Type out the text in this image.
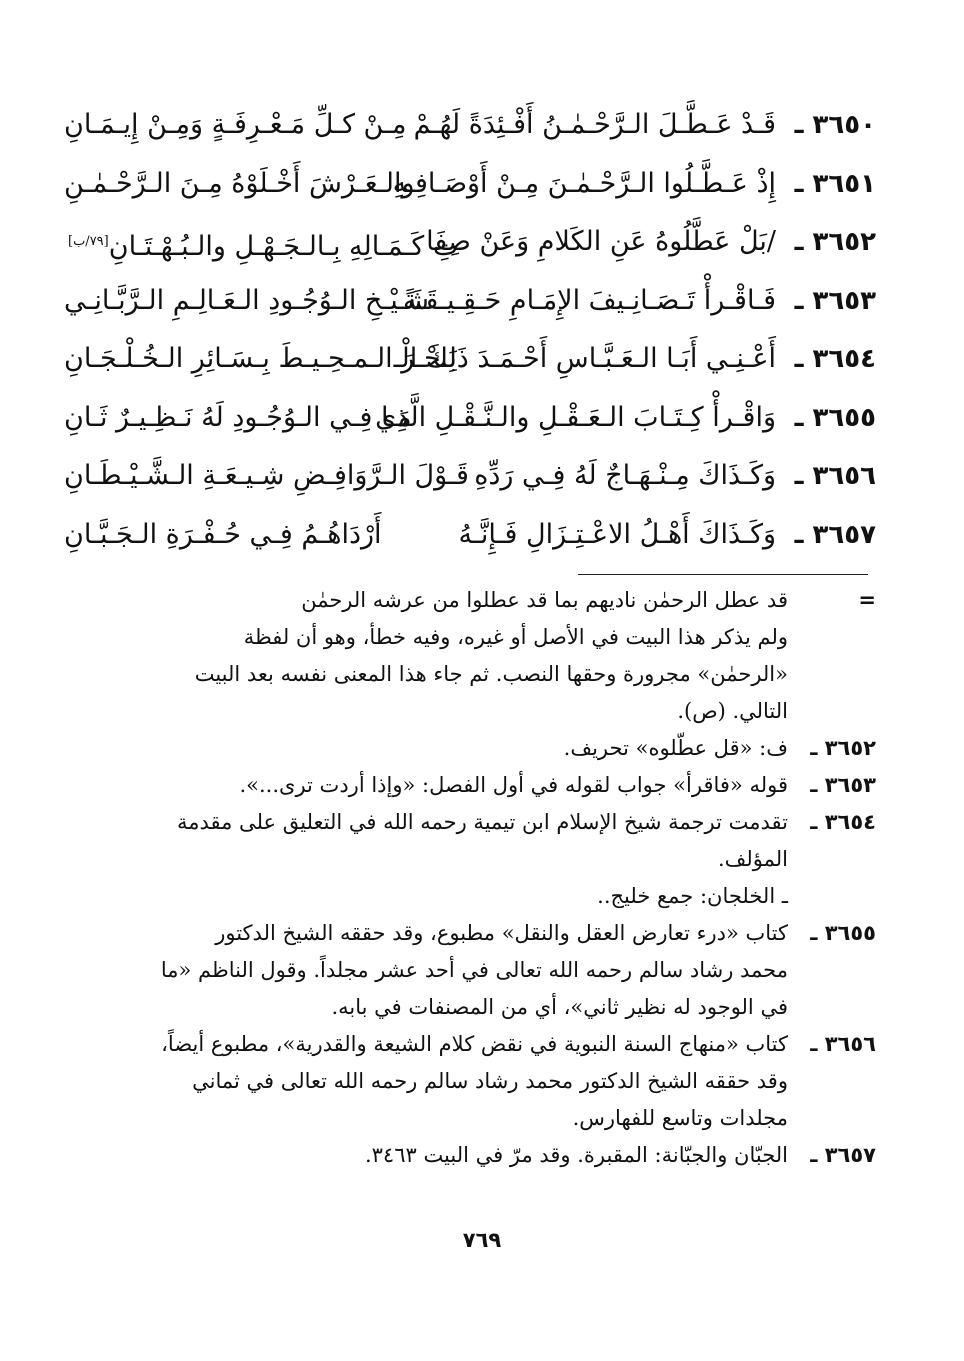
٣٦٥٠ ـ
قَـدْ عَـطَّـلَ الـرَّحْـمٰـنُ أَفْـئِدَةً لَهُـمْ
مِـنْ كـلِّ مَـعْـرِفَـةٍ وَمِـنْ إِيـمَـانِ
٣٦٥١ ـ
إِذْ عَـطَّـلُوا الـرَّحْـمٰـنَ مِـنْ أَوْصَـافِـهِ
والـعَـرْشَ أَخْـلَوْهُ مِـنَ الـرَّحْـمٰـنِ
٣٦٥٢ ـ
/بَلْ عَطَّلُوهُ عَنِ الكَلامِ وَعَنْ صِفَا
تِ كَـمَـالِهِ بِـالـجَـهْـلِ والـبُـهْـتَـانِ[٧٩/ب]
٣٦٥٣ ـ
فَـاقْـرأْ تَـصَـانِـيفَ الإِمَـامِ حَـقِـيـقَـةً
شَـيْـخِ الـوُجُـودِ الـعَـالِـمِ الـرَّبَّـانِـي
٣٦٥٤ ـ
أَعْـنِـي أَبَـا الـعَـبَّـاسِ أَحْـمَـدَ ذَلِكَ الْـ
بَـحْـرَ الـمـحِـيـطَ بِـسَـائِرِ الـخُـلْـجَـانِ
٣٦٥٥ ـ
وَاقْـرأْ كِـتَـابَ الـعَـقْـلِ والـنَّـقْـلِ الَّذِي
مَـا فِـي الـوُجُـودِ لَهُ نَـظِـيـرٌ ثَـانِ
٣٦٥٦ ـ
وَكَـذَاكَ مِـنْـهَـاجٌ لَهُ فِـي رَدِّهِ
قَـوْلَ الـرَّوَافِـضِ شِـيـعَـةِ الـشَّـيْـطَـانِ
٣٦٥٧ ـ
وَكَـذَاكَ أَهْـلُ الاعْـتِـزَالِ فَـإِنَّـهُ
أَرْدَاهُـمُ فِـي حُـفْـرَةِ الـجَـبَّـانِ
=
قد عطل الرحمٰن ناديهم بما قد عطلوا من عرشه الرحمٰن
ولم يذكر هذا البيت في الأصل أو غيره، وفيه خطأ، وهو أن لفظة
«الرحمٰن» مجرورة وحقها النصب. ثم جاء هذا المعنى نفسه بعد البيت
التالي. (ص).
٣٦٥٢ ـ
ف: «قل عطّلوه» تحريف.
٣٦٥٣ ـ
قوله «فاقرأ» جواب لقوله في أول الفصل: «وإذا أردت ترى...».
٣٦٥٤ ـ
تقدمت ترجمة شيخ الإسلام ابن تيمية رحمه الله في التعليق على مقدمة
المؤلف.
ـ الخلجان: جمع خليج..
٣٦٥٥ ـ
كتاب «درء تعارض العقل والنقل» مطبوع، وقد حققه الشيخ الدكتور
محمد رشاد سالم رحمه الله تعالى في أحد عشر مجلداً. وقول الناظم «ما
في الوجود له نظير ثاني»، أي من المصنفات في بابه.
٣٦٥٦ ـ
كتاب «منهاج السنة النبوية في نقض كلام الشيعة والقدرية»، مطبوع أيضاً،
وقد حققه الشيخ الدكتور محمد رشاد سالم رحمه الله تعالى في ثماني
مجلدات وتاسع للفهارس.
٣٦٥٧ ـ
الجبّان والجبّانة: المقبرة. وقد مرّ في البيت ٣٤٦٣.
٧٦٩
